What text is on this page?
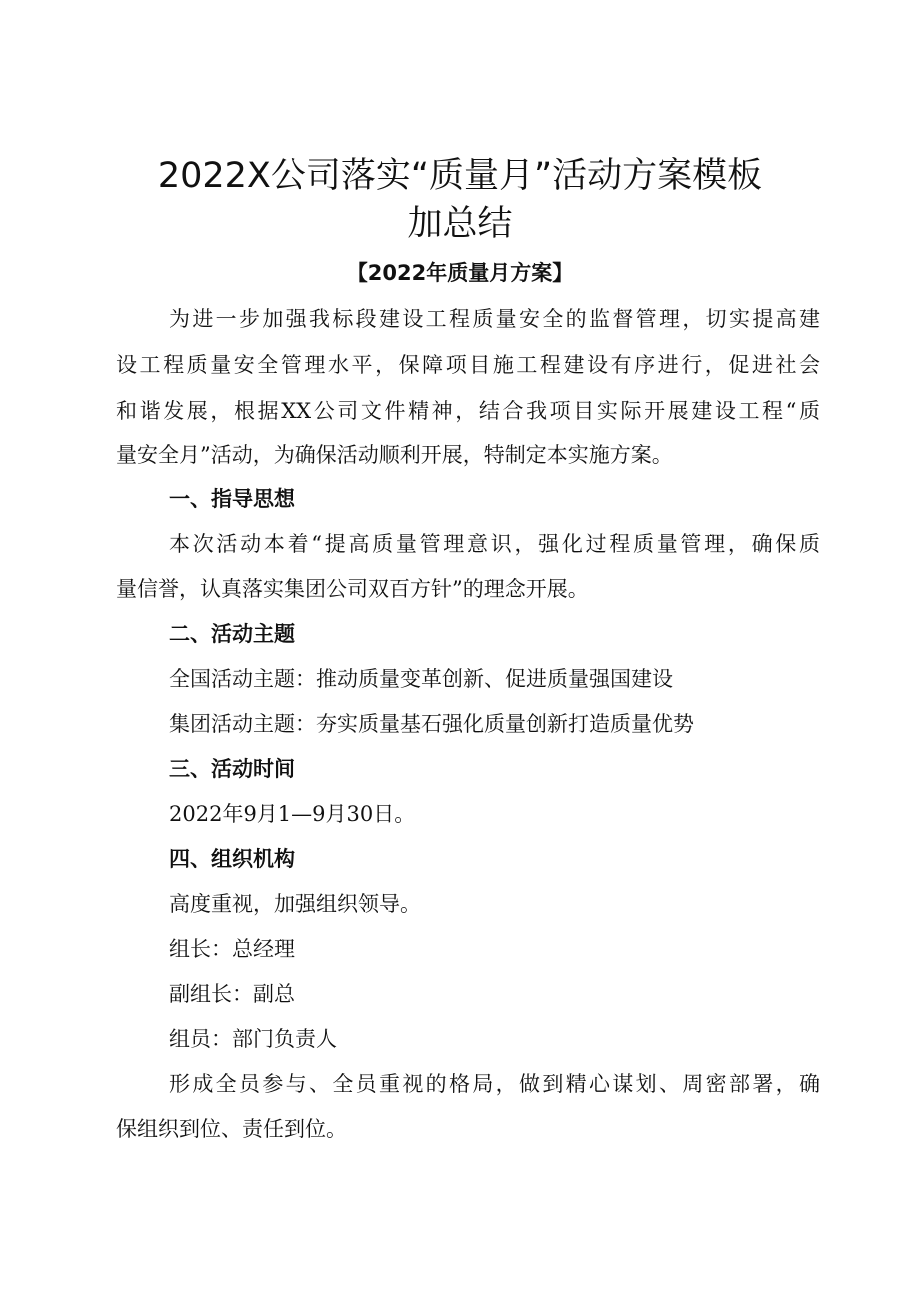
2022X公司落实“质量月”活动方案模板
加总结
【2022年质量月方案】
为进一步加强我标段建设工程质量安全的监督管理，切实提高建
设工程质量安全管理水平，保障项目施工程建设有序进行，促进社会
和谐发展，根据XX公司文件精神，结合我项目实际开展建设工程“质
量安全月”活动，为确保活动顺利开展，特制定本实施方案。
一、指导思想
本次活动本着“提高质量管理意识，强化过程质量管理，确保质
量信誉，认真落实集团公司双百方针”的理念开展。
二、活动主题
全国活动主题：推动质量变革创新、促进质量强国建设
集团活动主题：夯实质量基石强化质量创新打造质量优势
三、活动时间
2022年9月1—9月30日。
四、组织机构
高度重视，加强组织领导。
组长：总经理
副组长：副总
组员：部门负责人
形成全员参与、全员重视的格局，做到精心谋划、周密部署，确
保组织到位、责任到位。
